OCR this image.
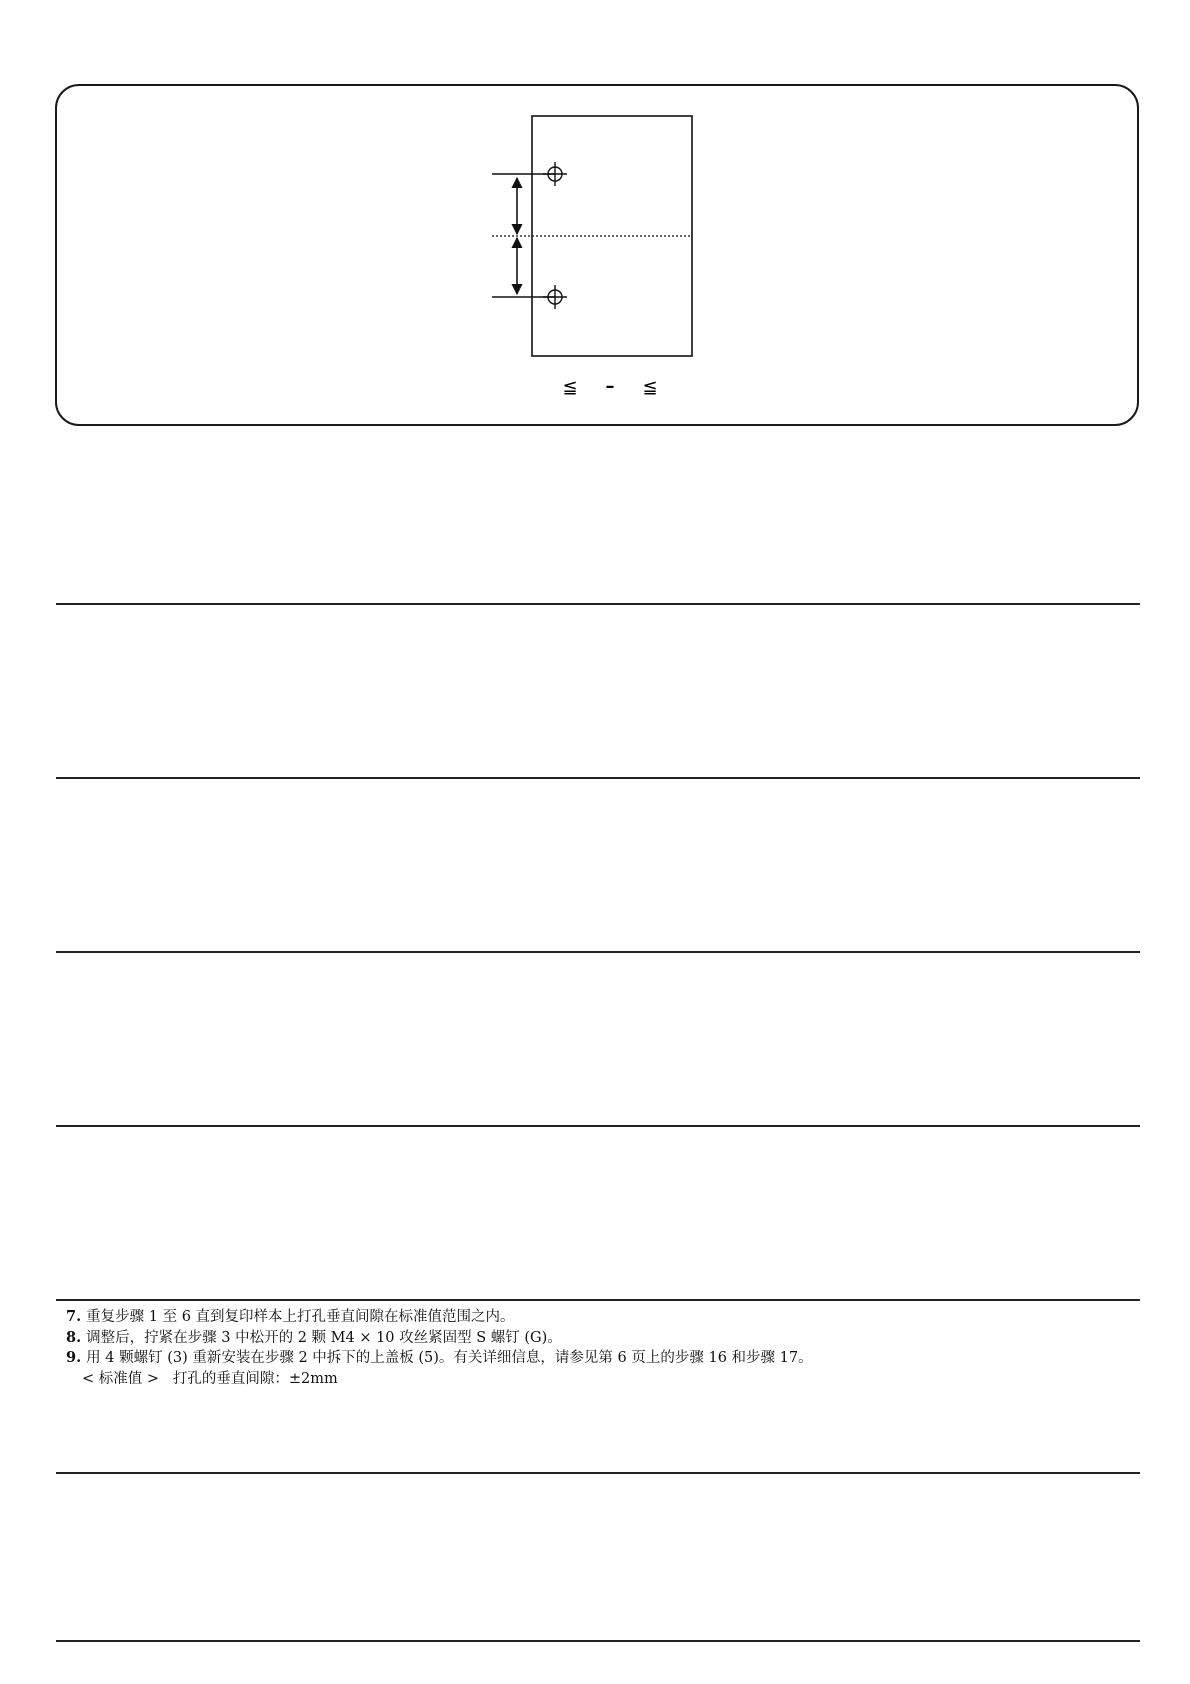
≦ – ≦
7. 重复步骤 1 至 6 直到复印样本上打孔垂直间隙在标准值范围之内。
8. 调整后，拧紧在步骤 3 中松开的 2 颗 M4 × 10 攻丝紧固型 S 螺钉 (G)。
9. 用 4 颗螺钉 (3) 重新安装在步骤 2 中拆下的上盖板 (5)。有关详细信息，请参见第 6 页上的步骤 16 和步骤 17。
< 标准值 > 打孔的垂直间隙：±2mm
